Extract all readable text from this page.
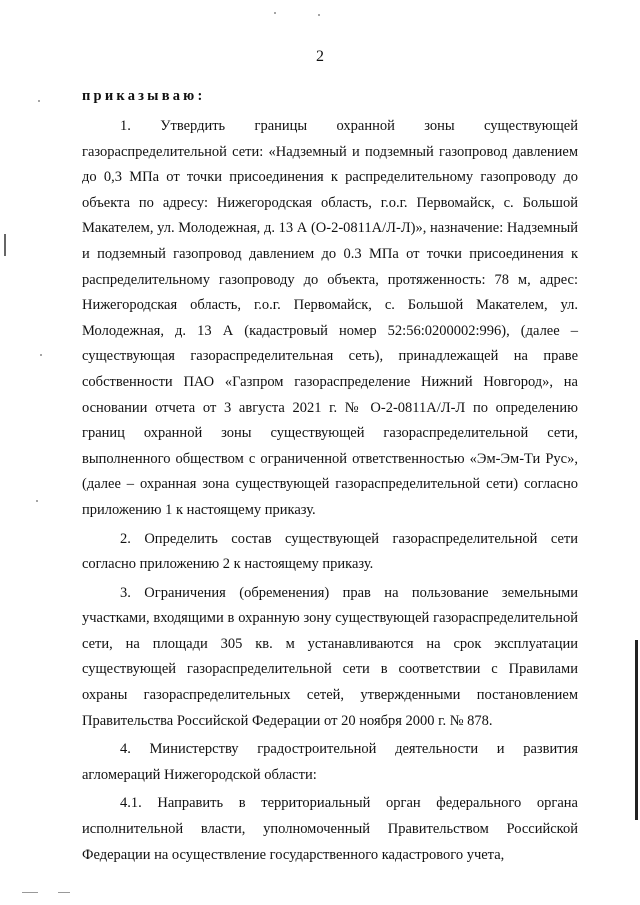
2
приказываю:

1. Утвердить границы охранной зоны существующей газораспределительной сети: «Надземный и подземный газопровод давлением до 0,3 МПа от точки присоединения к распределительному газопроводу до объекта по адресу: Нижегородская область, г.о.г. Первомайск, с. Большой Макателем, ул. Молодежная, д. 13 А (О-2-0811А/Л-Л)», назначение: Надземный и подземный газопровод давлением до 0.3 МПа от точки присоединения к распределительному газопроводу до объекта, протяженность: 78 м, адрес: Нижегородская область, г.о.г. Первомайск, с. Большой Макателем, ул. Молодежная, д. 13 А (кадастровый номер 52:56:0200002:996), (далее – существующая газораспределительная сеть), принадлежащей на праве собственности ПАО «Газпром газораспределение Нижний Новгород», на основании отчета от 3 августа 2021 г. № О-2-0811А/Л-Л по определению границ охранной зоны существующей газораспределительной сети, выполненного обществом с ограниченной ответственностью «Эм-Эм-Ти Рус», (далее – охранная зона существующей газораспределительной сети) согласно приложению 1 к настоящему приказу.

2. Определить состав существующей газораспределительной сети согласно приложению 2 к настоящему приказу.

3. Ограничения (обременения) прав на пользование земельными участками, входящими в охранную зону существующей газораспределительной сети, на площади 305 кв. м устанавливаются на срок эксплуатации существующей газораспределительной сети в соответствии с Правилами охраны газораспределительных сетей, утвержденными постановлением Правительства Российской Федерации от 20 ноября 2000 г. № 878.

4. Министерству градостроительной деятельности и развития агломераций Нижегородской области:

4.1. Направить в территориальный орган федерального органа исполнительной власти, уполномоченный Правительством Российской Федерации на осуществление государственного кадастрового учета,
